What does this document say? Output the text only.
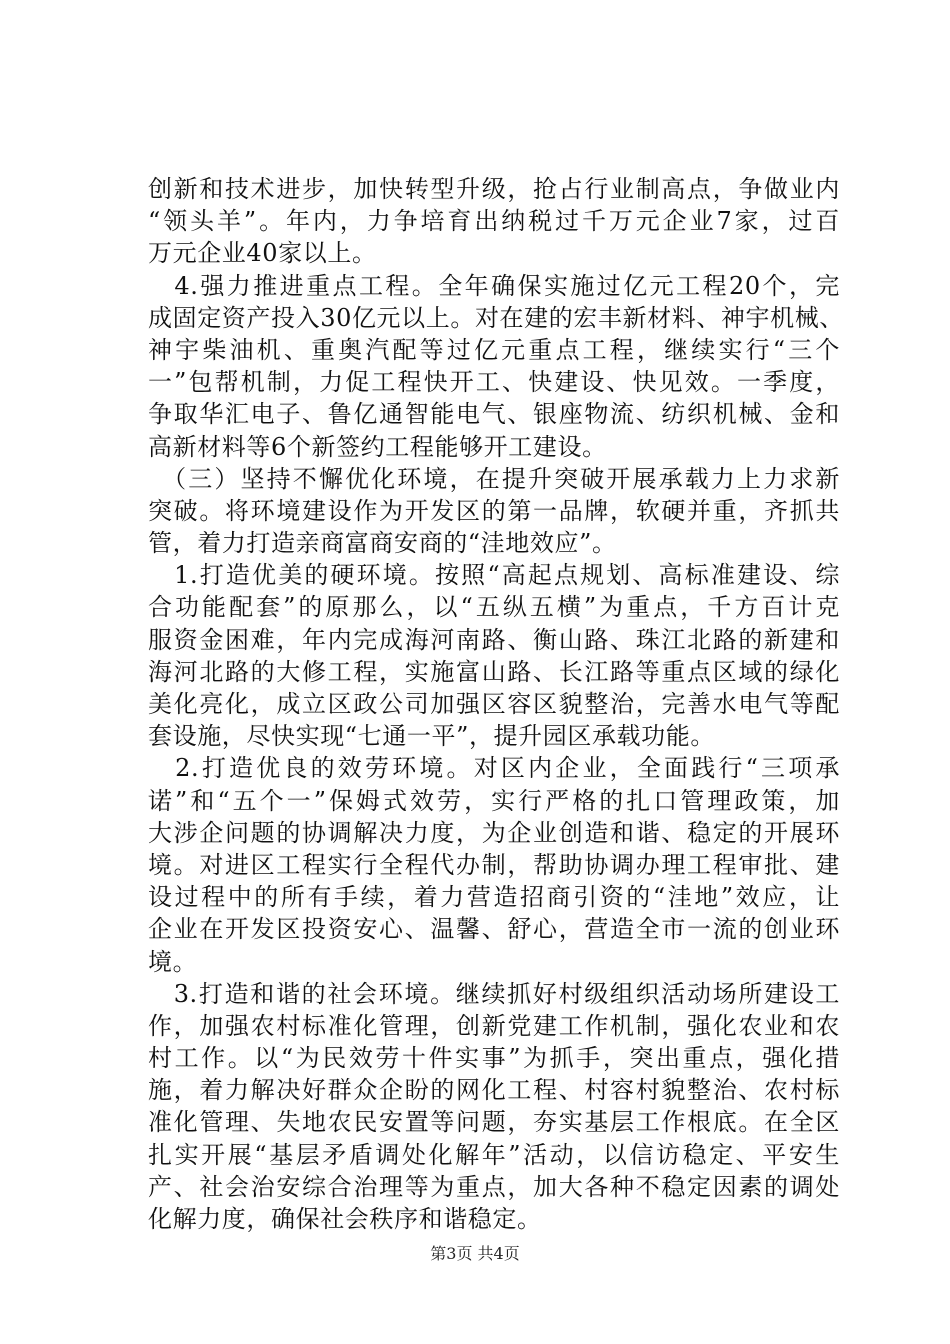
创新和技术进步，加快转型升级，抢占行业制高点，争做业内
“领头羊”。年内，力争培育出纳税过千万元企业7家，过百
万元企业40家以上。
　4.强力推进重点工程。全年确保实施过亿元工程20个，完
成固定资产投入30亿元以上。对在建的宏丰新材料、神宇机械、
神宇柴油机、重奥汽配等过亿元重点工程，继续实行“三个
一”包帮机制，力促工程快开工、快建设、快见效。一季度，
争取华汇电子、鲁亿通智能电气、银座物流、纺织机械、金和
高新材料等6个新签约工程能够开工建设。
　（三）坚持不懈优化环境，在提升突破开展承载力上力求新
突破。将环境建设作为开发区的第一品牌，软硬并重，齐抓共
管，着力打造亲商富商安商的“洼地效应”。
　1.打造优美的硬环境。按照“高起点规划、高标准建设、综
合功能配套”的原那么，以“五纵五横”为重点，千方百计克
服资金困难，年内完成海河南路、衡山路、珠江北路的新建和
海河北路的大修工程，实施富山路、长江路等重点区域的绿化
美化亮化，成立区政公司加强区容区貌整治，完善水电气等配
套设施，尽快实现“七通一平”，提升园区承载功能。
　2.打造优良的效劳环境。对区内企业，全面践行“三项承
诺”和“五个一”保姆式效劳，实行严格的扎口管理政策，加
大涉企问题的协调解决力度，为企业创造和谐、稳定的开展环
境。对进区工程实行全程代办制，帮助协调办理工程审批、建
设过程中的所有手续，着力营造招商引资的“洼地”效应，让
企业在开发区投资安心、温馨、舒心，营造全市一流的创业环
境。
　3.打造和谐的社会环境。继续抓好村级组织活动场所建设工
作，加强农村标准化管理，创新党建工作机制，强化农业和农
村工作。以“为民效劳十件实事”为抓手，突出重点，强化措
施，着力解决好群众企盼的网化工程、村容村貌整治、农村标
准化管理、失地农民安置等问题，夯实基层工作根底。在全区
扎实开展“基层矛盾调处化解年”活动，以信访稳定、平安生
产、社会治安综合治理等为重点，加大各种不稳定因素的调处
化解力度，确保社会秩序和谐稳定。
第3页 共4页
